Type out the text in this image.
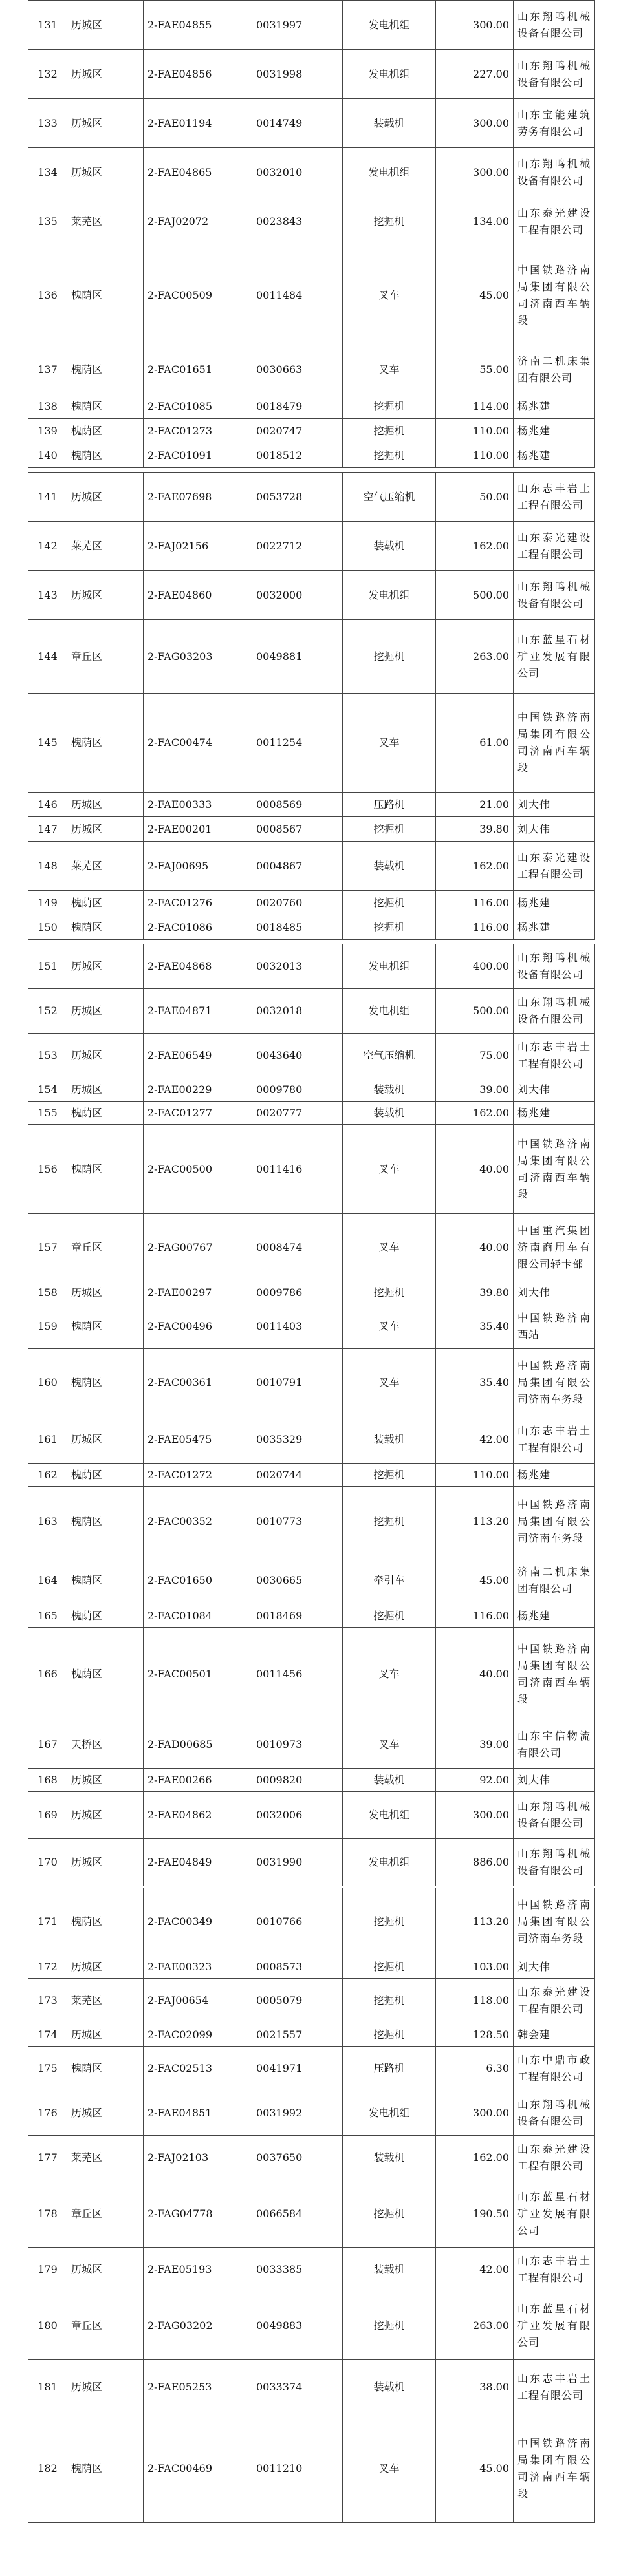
131	历城区	2-FAE04855	0031997	发电机组	300.00	山东翔鸣机械设备有限公司
132	历城区	2-FAE04856	0031998	发电机组	227.00	山东翔鸣机械设备有限公司
133	历城区	2-FAE01194	0014749	装载机	300.00	山东宝能建筑劳务有限公司
134	历城区	2-FAE04865	0032010	发电机组	300.00	山东翔鸣机械设备有限公司
135	莱芜区	2-FAJ02072	0023843	挖掘机	134.00	山东泰光建设工程有限公司
136	槐荫区	2-FAC00509	0011484	叉车	45.00	中国铁路济南局集团有限公司济南西车辆段
137	槐荫区	2-FAC01651	0030663	叉车	55.00	济南二机床集团有限公司
138	槐荫区	2-FAC01085	0018479	挖掘机	114.00	杨兆建
139	槐荫区	2-FAC01273	0020747	挖掘机	110.00	杨兆建
140	槐荫区	2-FAC01091	0018512	挖掘机	110.00	杨兆建
141	历城区	2-FAE07698	0053728	空气压缩机	50.00	山东志丰岩土工程有限公司
142	莱芜区	2-FAJ02156	0022712	装载机	162.00	山东泰光建设工程有限公司
143	历城区	2-FAE04860	0032000	发电机组	500.00	山东翔鸣机械设备有限公司
144	章丘区	2-FAG03203	0049881	挖掘机	263.00	山东蓝星石材矿业发展有限公司
145	槐荫区	2-FAC00474	0011254	叉车	61.00	中国铁路济南局集团有限公司济南西车辆段
146	历城区	2-FAE00333	0008569	压路机	21.00	刘大伟
147	历城区	2-FAE00201	0008567	挖掘机	39.80	刘大伟
148	莱芜区	2-FAJ00695	0004867	装载机	162.00	山东泰光建设工程有限公司
149	槐荫区	2-FAC01276	0020760	挖掘机	116.00	杨兆建
150	槐荫区	2-FAC01086	0018485	挖掘机	116.00	杨兆建
151	历城区	2-FAE04868	0032013	发电机组	400.00	山东翔鸣机械设备有限公司
152	历城区	2-FAE04871	0032018	发电机组	500.00	山东翔鸣机械设备有限公司
153	历城区	2-FAE06549	0043640	空气压缩机	75.00	山东志丰岩土工程有限公司
154	历城区	2-FAE00229	0009780	装载机	39.00	刘大伟
155	槐荫区	2-FAC01277	0020777	装载机	162.00	杨兆建
156	槐荫区	2-FAC00500	0011416	叉车	40.00	中国铁路济南局集团有限公司济南西车辆段
157	章丘区	2-FAG00767	0008474	叉车	40.00	中国重汽集团济南商用车有限公司轻卡部
158	历城区	2-FAE00297	0009786	挖掘机	39.80	刘大伟
159	槐荫区	2-FAC00496	0011403	叉车	35.40	中国铁路济南西站
160	槐荫区	2-FAC00361	0010791	叉车	35.40	中国铁路济南局集团有限公司济南车务段
161	历城区	2-FAE05475	0035329	装载机	42.00	山东志丰岩土工程有限公司
162	槐荫区	2-FAC01272	0020744	挖掘机	110.00	杨兆建
163	槐荫区	2-FAC00352	0010773	挖掘机	113.20	中国铁路济南局集团有限公司济南车务段
164	槐荫区	2-FAC01650	0030665	牵引车	45.00	济南二机床集团有限公司
165	槐荫区	2-FAC01084	0018469	挖掘机	116.00	杨兆建
166	槐荫区	2-FAC00501	0011456	叉车	40.00	中国铁路济南局集团有限公司济南西车辆段
167	天桥区	2-FAD00685	0010973	叉车	39.00	山东宇信物流有限公司
168	历城区	2-FAE00266	0009820	装载机	92.00	刘大伟
169	历城区	2-FAE04862	0032006	发电机组	300.00	山东翔鸣机械设备有限公司
170	历城区	2-FAE04849	0031990	发电机组	886.00	山东翔鸣机械设备有限公司
171	槐荫区	2-FAC00349	0010766	挖掘机	113.20	中国铁路济南局集团有限公司济南车务段
172	历城区	2-FAE00323	0008573	挖掘机	103.00	刘大伟
173	莱芜区	2-FAJ00654	0005079	挖掘机	118.00	山东泰光建设工程有限公司
174	历城区	2-FAC02099	0021557	挖掘机	128.50	韩会建
175	槐荫区	2-FAC02513	0041971	压路机	6.30	山东中鼎市政工程有限公司
176	历城区	2-FAE04851	0031992	发电机组	300.00	山东翔鸣机械设备有限公司
177	莱芜区	2-FAJ02103	0037650	装载机	162.00	山东泰光建设工程有限公司
178	章丘区	2-FAG04778	0066584	挖掘机	190.50	山东蓝星石材矿业发展有限公司
179	历城区	2-FAE05193	0033385	装载机	42.00	山东志丰岩土工程有限公司
180	章丘区	2-FAG03202	0049883	挖掘机	263.00	山东蓝星石材矿业发展有限公司
181	历城区	2-FAE05253	0033374	装载机	38.00	山东志丰岩土工程有限公司
182	槐荫区	2-FAC00469	0011210	叉车	45.00	中国铁路济南局集团有限公司济南西车辆段
